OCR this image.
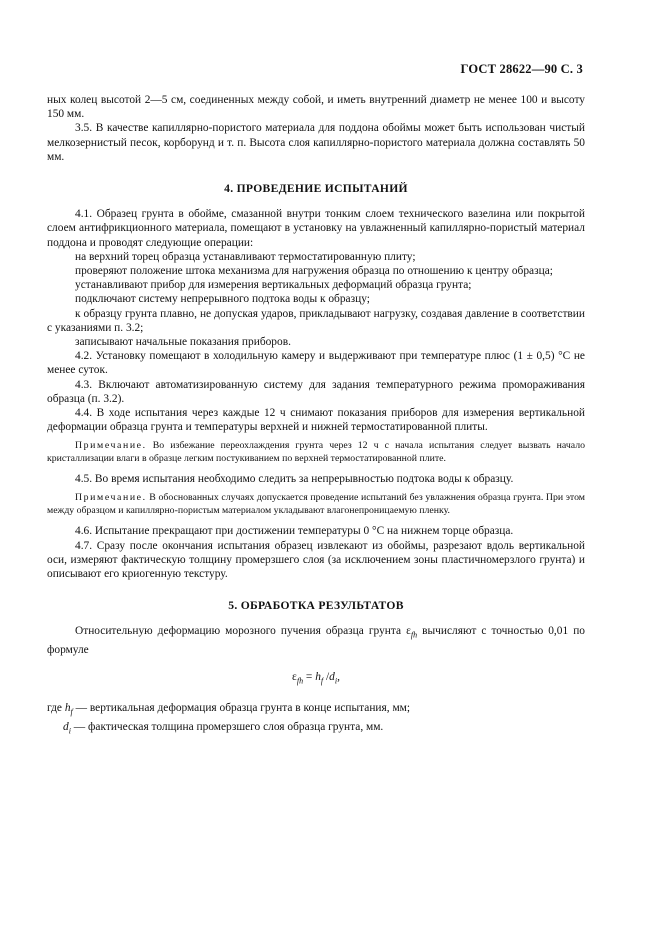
ГОСТ 28622—90 С. 3

ных колец высотой 2—5 см, соединенных между собой, и иметь внутренний диаметр не менее 100 и высоту 150 мм.

3.5. В качестве капиллярно-пористого материала для поддона обоймы может быть использован чистый мелкозернистый песок, корборунд и т. п. Высота слоя капиллярно-пористого материала должна составлять 50 мм.

4. ПРОВЕДЕНИЕ ИСПЫТАНИЙ

4.1. Образец грунта в обойме, смазанной внутри тонким слоем технического вазелина или покрытой слоем антифрикционного материала, помещают в установку на увлажненный капиллярно-пористый материал поддона и проводят следующие операции:

на верхний торец образца устанавливают термостатированную плиту;

проверяют положение штока механизма для нагружения образца по отношению к центру образца;

устанавливают прибор для измерения вертикальных деформаций образца грунта;

подключают систему непрерывного подтока воды к образцу;

к образцу грунта плавно, не допуская ударов, прикладывают нагрузку, создавая давление в соответствии с указаниями п. 3.2;

записывают начальные показания приборов.

4.2. Установку помещают в холодильную камеру и выдерживают при температуре плюс (1 ± 0,5) °С не менее суток.

4.3. Включают автоматизированную систему для задания температурного режима промораживания образца (п. 3.2).

4.4. В ходе испытания через каждые 12 ч снимают показания приборов для измерения вертикальной деформации образца грунта и температуры верхней и нижней термостатированной плиты.

Примечание. Во избежание переохлаждения грунта через 12 ч с начала испытания следует вызвать начало кристаллизации влаги в образце легким постукиванием по верхней термостатированной плите.

4.5. Во время испытания необходимо следить за непрерывностью подтока воды к образцу.

Примечание. В обоснованных случаях допускается проведение испытаний без увлажнения образца грунта. При этом между образцом и капиллярно-пористым материалом укладывают влагонепроницаемую пленку.

4.6. Испытание прекращают при достижении температуры 0 °С на нижнем торце образца.

4.7. Сразу после окончания испытания образец извлекают из обоймы, разрезают вдоль вертикальной оси, измеряют фактическую толщину промерзшего слоя (за исключением зоны пластичномерзлого грунта) и описывают его криогенную текстуру.

5. ОБРАБОТКА РЕЗУЛЬТАТОВ

Относительную деформацию морозного пучения образца грунта $\varepsilon_{fh}$ вычисляют с точностью 0,01 по формуле

$\varepsilon_{fh} = h_f$ $/d_i$,

где $h_f$ — вертикальная деформация образца грунта в конце испытания, мм;

$d_i$ — фактическая толщина промерзшего слоя образца грунта, мм.
